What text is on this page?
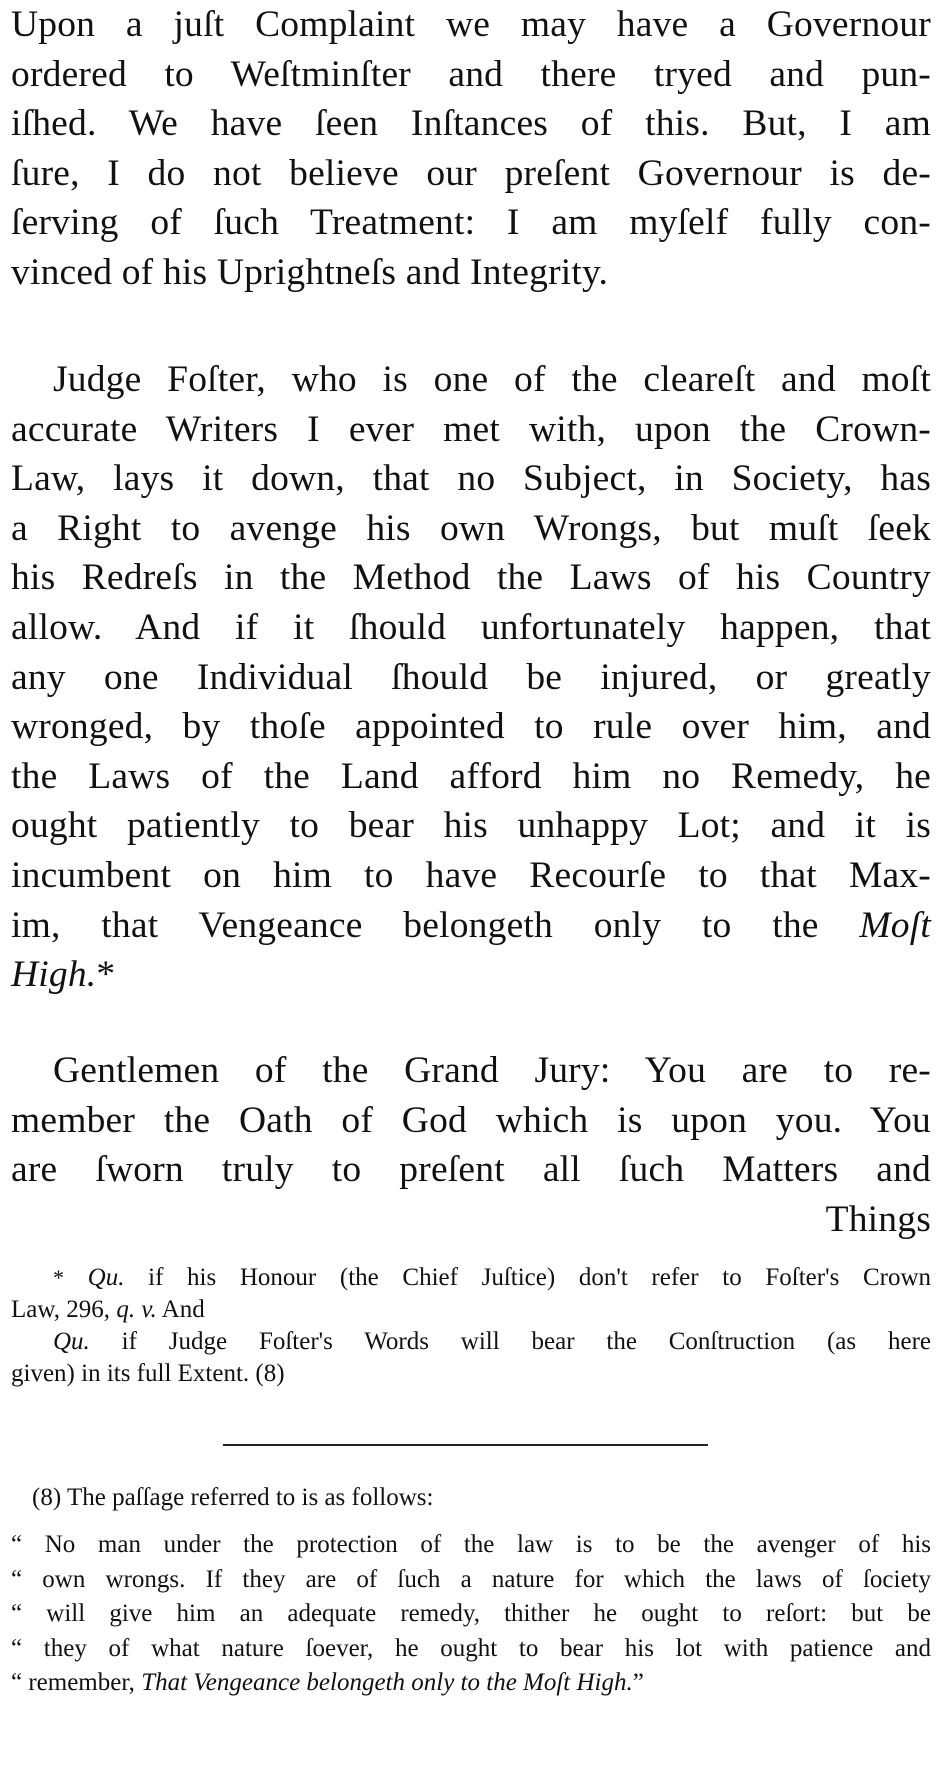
Upon a juſt Complaint we may have a Governour
ordered to Weſtminſter and there tryed and pun-
iſhed. We have ſeen Inſtances of this. But, I am
ſure, I do not believe our preſent Governour is de-
ſerving of ſuch Treatment: I am myſelf fully con-
vinced of his Uprightneſs and Integrity.

Judge Foſter, who is one of the cleareſt and moſt
accurate Writers I ever met with, upon the Crown-
Law, lays it down, that no Subject, in Society, has
a Right to avenge his own Wrongs, but muſt ſeek
his Redreſs in the Method the Laws of his Country
allow. And if it ſhould unfortunately happen, that
any one Individual ſhould be injured, or greatly
wronged, by thoſe appointed to rule over him, and
the Laws of the Land afford him no Remedy, he
ought patiently to bear his unhappy Lot; and it is
incumbent on him to have Recourſe to that Max-
im, that Vengeance belongeth only to the Moſt
High.*

Gentlemen of the Grand Jury: You are to re-
member the Oath of God which is upon you. You
are ſworn truly to preſent all ſuch Matters and
Things

* Qu. if his Honour (the Chief Juſtice) don't refer to Foſter's Crown
Law, 296, q. v. And
Qu. if Judge Foſter's Words will bear the Conſtruction (as here
given) in its full Extent. (8)
(8) The paſſage referred to is as follows:
“ No man under the protection of the law is to be the avenger of his
“ own wrongs. If they are of ſuch a nature for which the laws of ſociety
“ will give him an adequate remedy, thither he ought to reſort: but be
“ they of what nature ſoever, he ought to bear his lot with patience and
“ remember, That Vengeance belongeth only to the Moſt High.”
